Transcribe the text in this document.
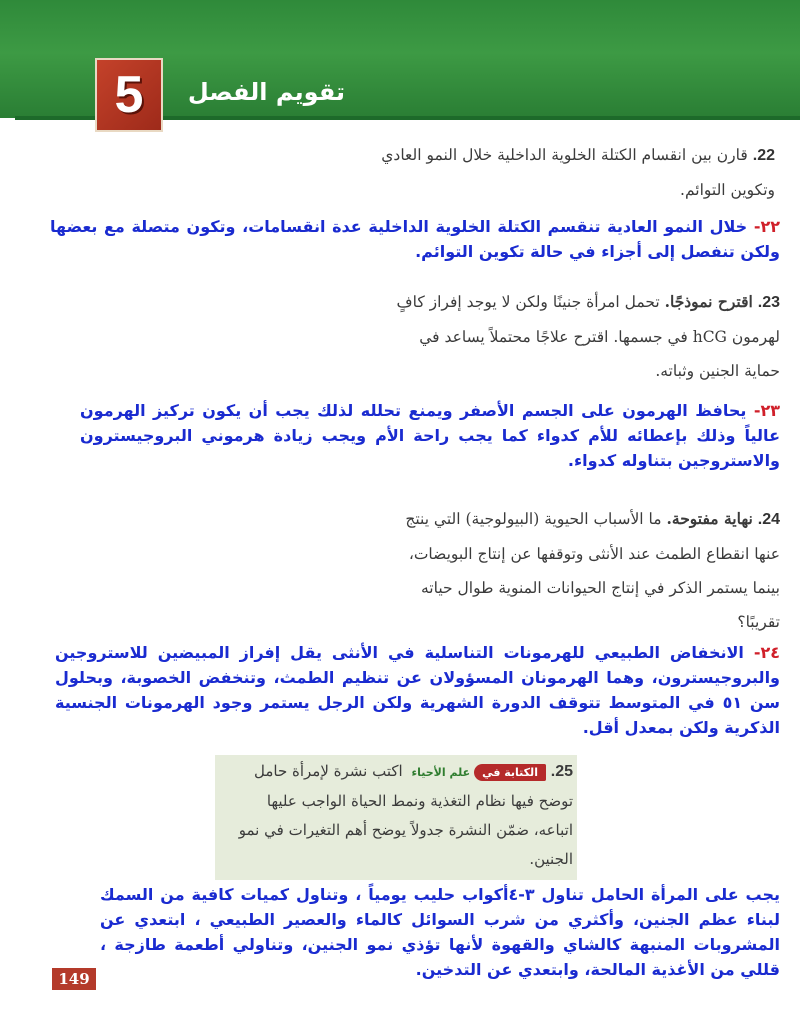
5 تقويم الفصل
22. قارن بين انقسام الكتلة الخلوية الداخلية خلال النمو العادي وتكوين التوائم.
٢٢- خلال النمو العادية تنقسم الكتلة الخلوية الداخلية عدة انقسامات، وتكون متصلة مع بعضها ولكن تنفصل إلى أجزاء في حالة تكوين التوائم.
23. اقترح نموذجًا. تحمل امرأة جنينًا ولكن لا يوجد إفراز كافٍ لهرمون hCG في جسمها. اقترح علاجًا محتملاً يساعد في حماية الجنين وثباته.
٢٣- يحافظ الهرمون على الجسم الأصفر ويمنع تحلله لذلك يجب أن يكون تركيز الهرمون عالياً وذلك بإعطائه للأم كدواء كما يجب راحة الأم ويجب زيادة هرموني البروجيسترون والاستروجين بتناوله كدواء.
24. نهاية مفتوحة. ما الأسباب الحيوية (البيولوجية) التي ينتج عنها انقطاع الطمث عند الأنثى وتوقفها عن إنتاج البويضات، بينما يستمر الذكر في إنتاج الحيوانات المنوية طوال حياته تقريبًا؟
٢٤- الانخفاض الطبيعي للهرمونات التناسلية في الأنثى يقل إفراز المبيضين للاستروجين والبروجيسترون، وهما الهرمونان المسؤولان عن تنظيم الطمث، وتنخفض الخصوبة، وبحلول سن ٥١ في المتوسط تتوقف الدورة الشهرية ولكن الرجل يستمر وجود الهرمونات الجنسية الذكرية ولكن بمعدل أقل.
25. الكتابة فيعلم الأحياء اكتب نشرة لإمرأة حامل توضح فيها نظام التغذية ونمط الحياة الواجب عليها اتباعه، ضمّن النشرة جدولاً يوضح أهم التغيرات في نمو الجنين.
يجب على المرأة الحامل تناول ٣-٤أكواب حليب يومياً ، وتناول كميات كافية من السمك لبناء عظم الجنين، وأكثري من شرب السوائل كالماء والعصير الطبيعي ، ابتعدي عن المشروبات المنبهة كالشاي والقهوة لأنها تؤذي نمو الجنين، وتناولي أطعمة طازجة ، قللي من الأغذية المالحة، وابتعدي عن التدخين.
149
